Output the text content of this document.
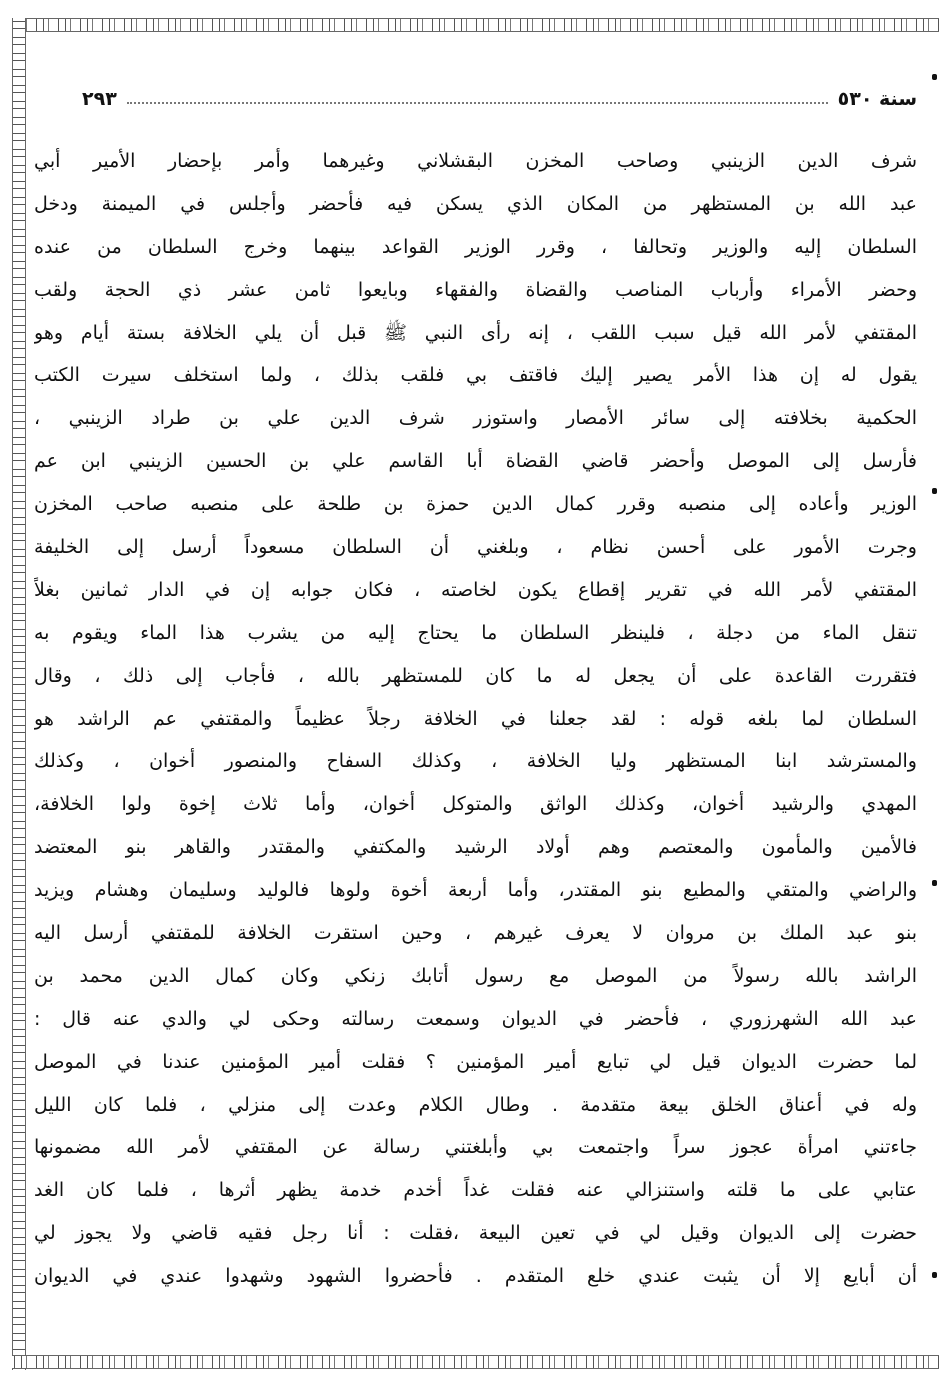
سنة ٥٣٠
٢٩٣
شرف الدين الزينبي وصاحب المخزن البقشلاني وغيرهما وأمر بإحضار الأمير أبي
عبد الله بن المستظهر من المكان الذي يسكن فيه فأحضر وأجلس في الميمنة ودخل
السلطان إليه والوزير وتحالفا ، وقرر الوزير القواعد بينهما وخرج السلطان من عنده
وحضر الأمراء وأرباب المناصب والقضاة والفقهاء وبايعوا ثامن عشر ذي الحجة ولقب
المقتفي لأمر الله قيل سبب اللقب ، إنه رأى النبي ﷺ قبل أن يلي الخلافة بستة أيام وهو
يقول له إن هذا الأمر يصير إليك فاقتف بي فلقب بذلك ، ولما استخلف سيرت الكتب
الحكمية بخلافته إلى سائر الأمصار واستوزر شرف الدين علي بن طراد الزينبي ،
فأرسل إلى الموصل وأحضر قاضي القضاة أبا القاسم علي بن الحسين الزينبي ابن عم
الوزير وأعاده إلى منصبه وقرر كمال الدين حمزة بن طلحة على منصبه صاحب المخزن
وجرت الأمور على أحسن نظام ، وبلغني أن السلطان مسعوداً أرسل إلى الخليفة
المقتفي لأمر الله في تقرير إقطاع يكون لخاصته ، فكان جوابه إن في الدار ثمانين بغلاً
تنقل الماء من دجلة ، فلينظر السلطان ما يحتاج إليه من يشرب هذا الماء ويقوم به
فتقررت القاعدة على أن يجعل له ما كان للمستظهر بالله ، فأجاب إلى ذلك ، وقال
السلطان لما بلغه قوله : لقد جعلنا في الخلافة رجلاً عظيماً والمقتفي عم الراشد هو
والمسترشد ابنا المستظهر وليا الخلافة ، وكذلك السفاح والمنصور أخوان ، وكذلك
المهدي والرشيد أخوان، وكذلك الواثق والمتوكل أخوان، وأما ثلاث إخوة ولوا الخلافة،
فالأمين والمأمون والمعتصم وهم أولاد الرشيد والمكتفي والمقتدر والقاهر بنو المعتضد
والراضي والمتقي والمطيع بنو المقتدر، وأما أربعة أخوة ولوها فالوليد وسليمان وهشام ويزيد
بنو عبد الملك بن مروان لا يعرف غيرهم ، وحين استقرت الخلافة للمقتفي أرسل اليه
الراشد بالله رسولاً من الموصل مع رسول أتابك زنكي وكان كمال الدين محمد بن
عبد الله الشهرزوري ، فأحضر في الديوان وسمعت رسالته وحكى لي والدي عنه قال :
لما حضرت الديوان قيل لي تبايع أمير المؤمنين ؟ فقلت أمير المؤمنين عندنا في الموصل
وله في أعناق الخلق بيعة متقدمة . وطال الكلام وعدت إلى منزلي ، فلما كان الليل
جاءتني امرأة عجوز سراً واجتمعت بي وأبلغتني رسالة عن المقتفي لأمر الله مضمونها
عتابي على ما قلته واستنزالي عنه فقلت غداً أخدم خدمة يظهر أثرها ، فلما كان الغد
حضرت إلى الديوان وقيل لي في تعين البيعة ،فقلت : أنا رجل فقيه قاضي ولا يجوز لي
أن أبايع إلا أن يثبت عندي خلع المتقدم . فأحضروا الشهود وشهدوا عندي في الديوان
